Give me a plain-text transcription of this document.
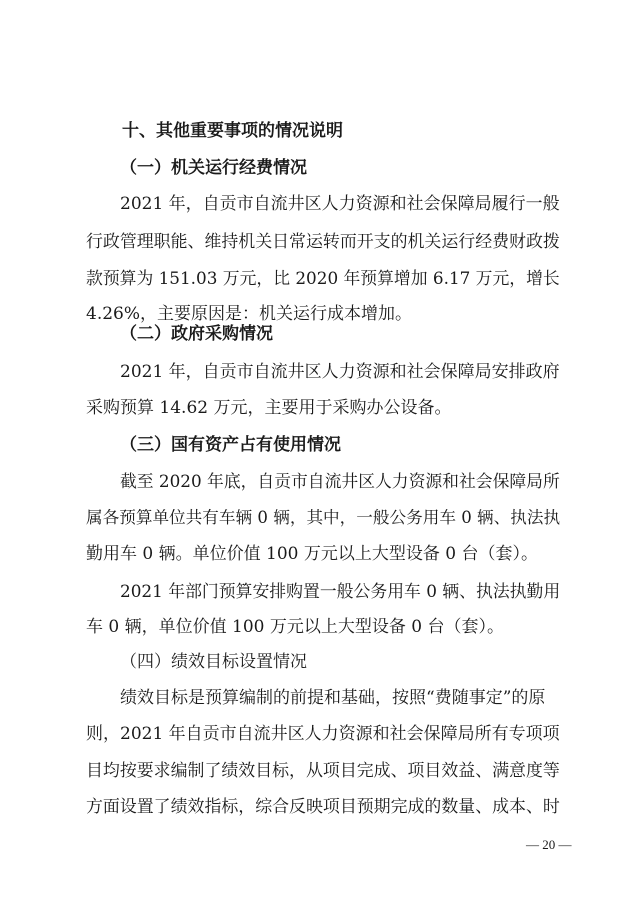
十、其他重要事项的情况说明
（一）机关运行经费情况
2021 年，自贡市自流井区人力资源和社会保障局履行一般
行政管理职能、维持机关日常运转而开支的机关运行经费财政拨
款预算为 151.03 万元，比 2020 年预算增加 6.17 万元，增长
4.26%，主要原因是：机关运行成本增加。
（二）政府采购情况
2021 年，自贡市自流井区人力资源和社会保障局安排政府
采购预算 14.62 万元，主要用于采购办公设备。
（三）国有资产占有使用情况
截至 2020 年底，自贡市自流井区人力资源和社会保障局所
属各预算单位共有车辆 0 辆，其中，一般公务用车 0 辆、执法执
勤用车 0 辆。单位价值 100 万元以上大型设备 0 台（套）。
2021 年部门预算安排购置一般公务用车 0 辆、执法执勤用
车 0 辆，单位价值 100 万元以上大型设备 0 台（套）。
（四）绩效目标设置情况
绩效目标是预算编制的前提和基础，按照“费随事定”的原
则，2021 年自贡市自流井区人力资源和社会保障局所有专项项
目均按要求编制了绩效目标，从项目完成、项目效益、满意度等
方面设置了绩效指标，综合反映项目预期完成的数量、成本、时
— 20 —
